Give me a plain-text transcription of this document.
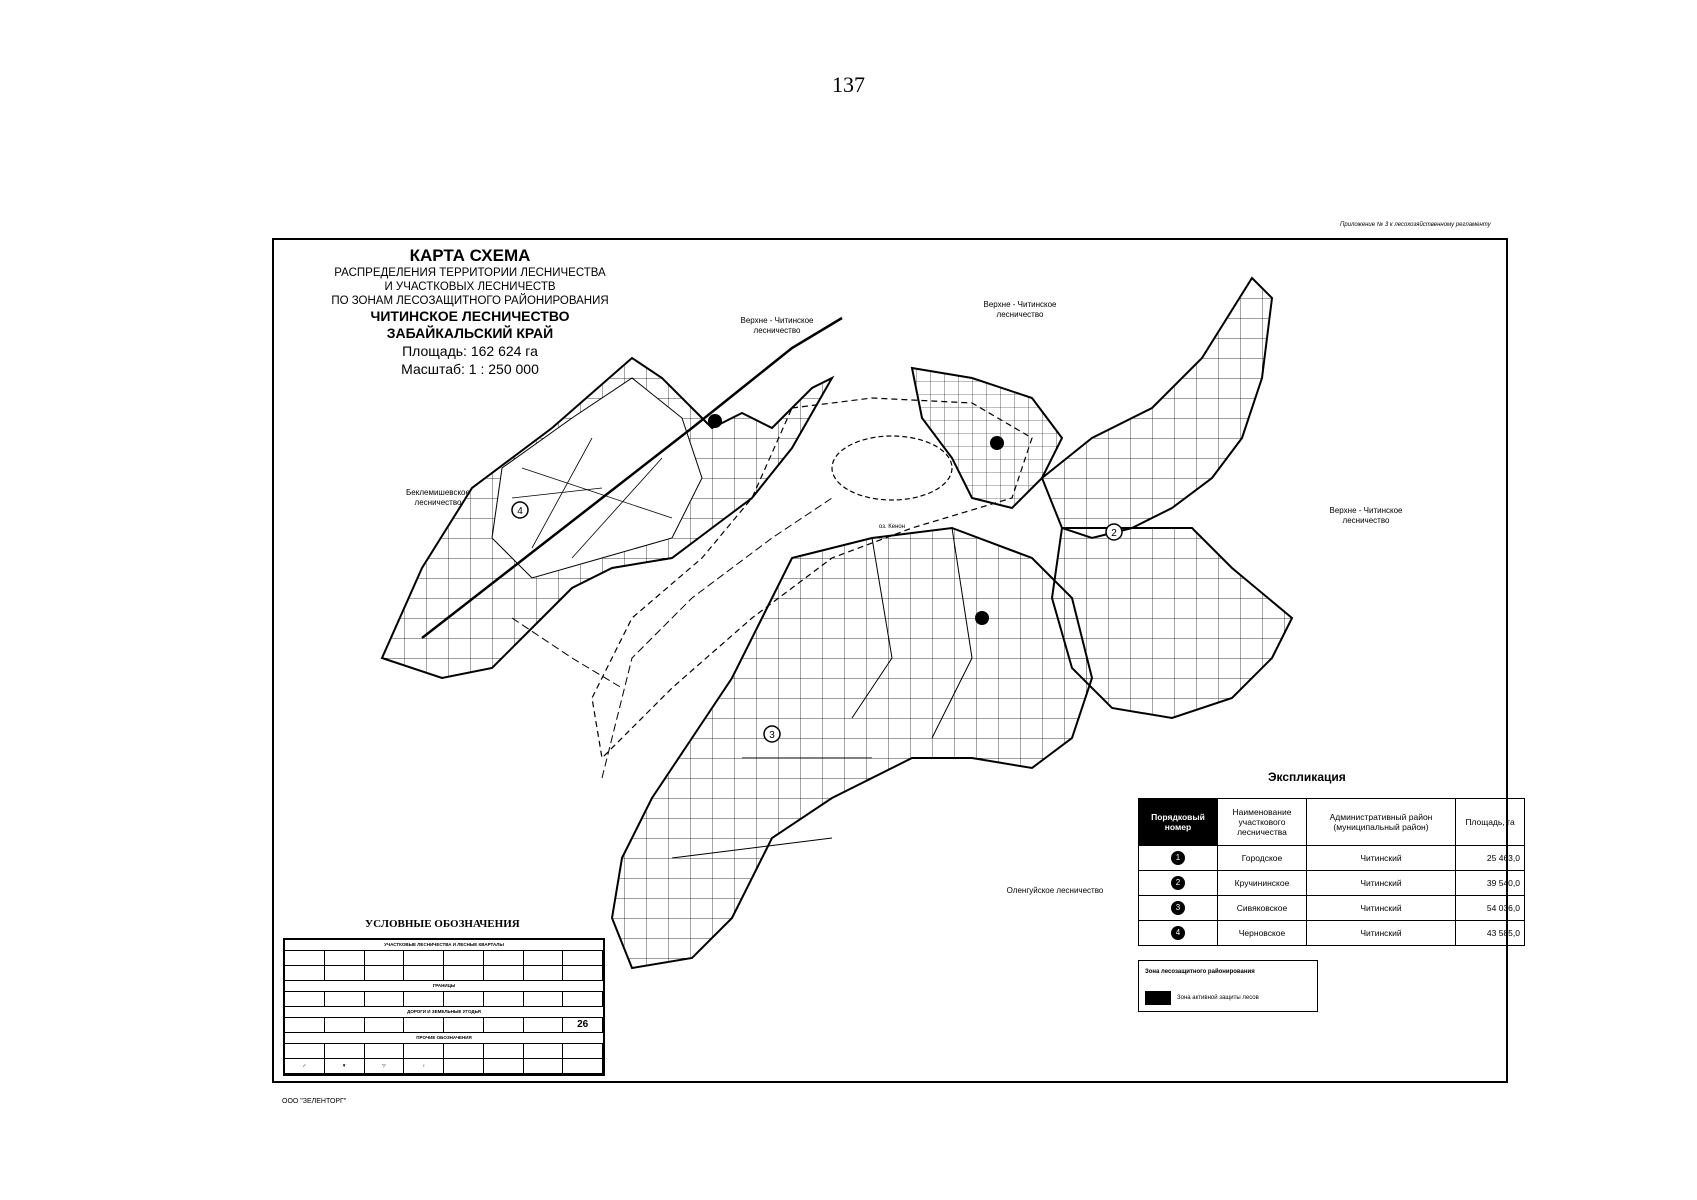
137
Приложение № 3 к лесохозяйственному регламенту
4
2
3
КАРТА СХЕМА
РАСПРЕДЕЛЕНИЯ ТЕРРИТОРИИ ЛЕСНИЧЕСТВА
И УЧАСТКОВЫХ ЛЕСНИЧЕСТВ
ПО ЗОНАМ ЛЕСОЗАЩИТНОГО РАЙОНИРОВАНИЯ
ЧИТИНСКОЕ ЛЕСНИЧЕСТВО
ЗАБАЙКАЛЬСКИЙ КРАЙ
Площадь: 162 624 га
Масштаб: 1 : 250 000
Верхне - Читинское лесничество
Верхне - Читинское лесничество
Верхне - Читинское лесничество
Беклемишевское лесничество
Оленгуйское лесничество
оз. Кенон
Экспликация
Порядковый номер	Наименование участкового лесничества	Административный район (муниципальный район)	Площадь, га
1	Городское	Читинский	25 463,0
2	Кручининское	Читинский	39 540,0
3	Сивяковское	Читинский	54 036,0
4	Черновское	Читинский	43 585,0
Зона лесозащитного районирования
Зона активной защиты лесов
УСЛОВНЫЕ ОБОЗНАЧЕНИЯ
УЧАСТКОВЫЕ ЛЕСНИЧЕСТВА И ЛЕСНЫЕ КВАРТАЛЫ
ГРАНИЦЫ
ДОРОГИ И ЗЕМЕЛЬНЫЕ УГОДЬЯ
26
ПРОЧИЕ ОБОЗНАЧЕНИЯ
✓	▼	▽	♀
ООО "ЗЕЛЕНТОРГ"
